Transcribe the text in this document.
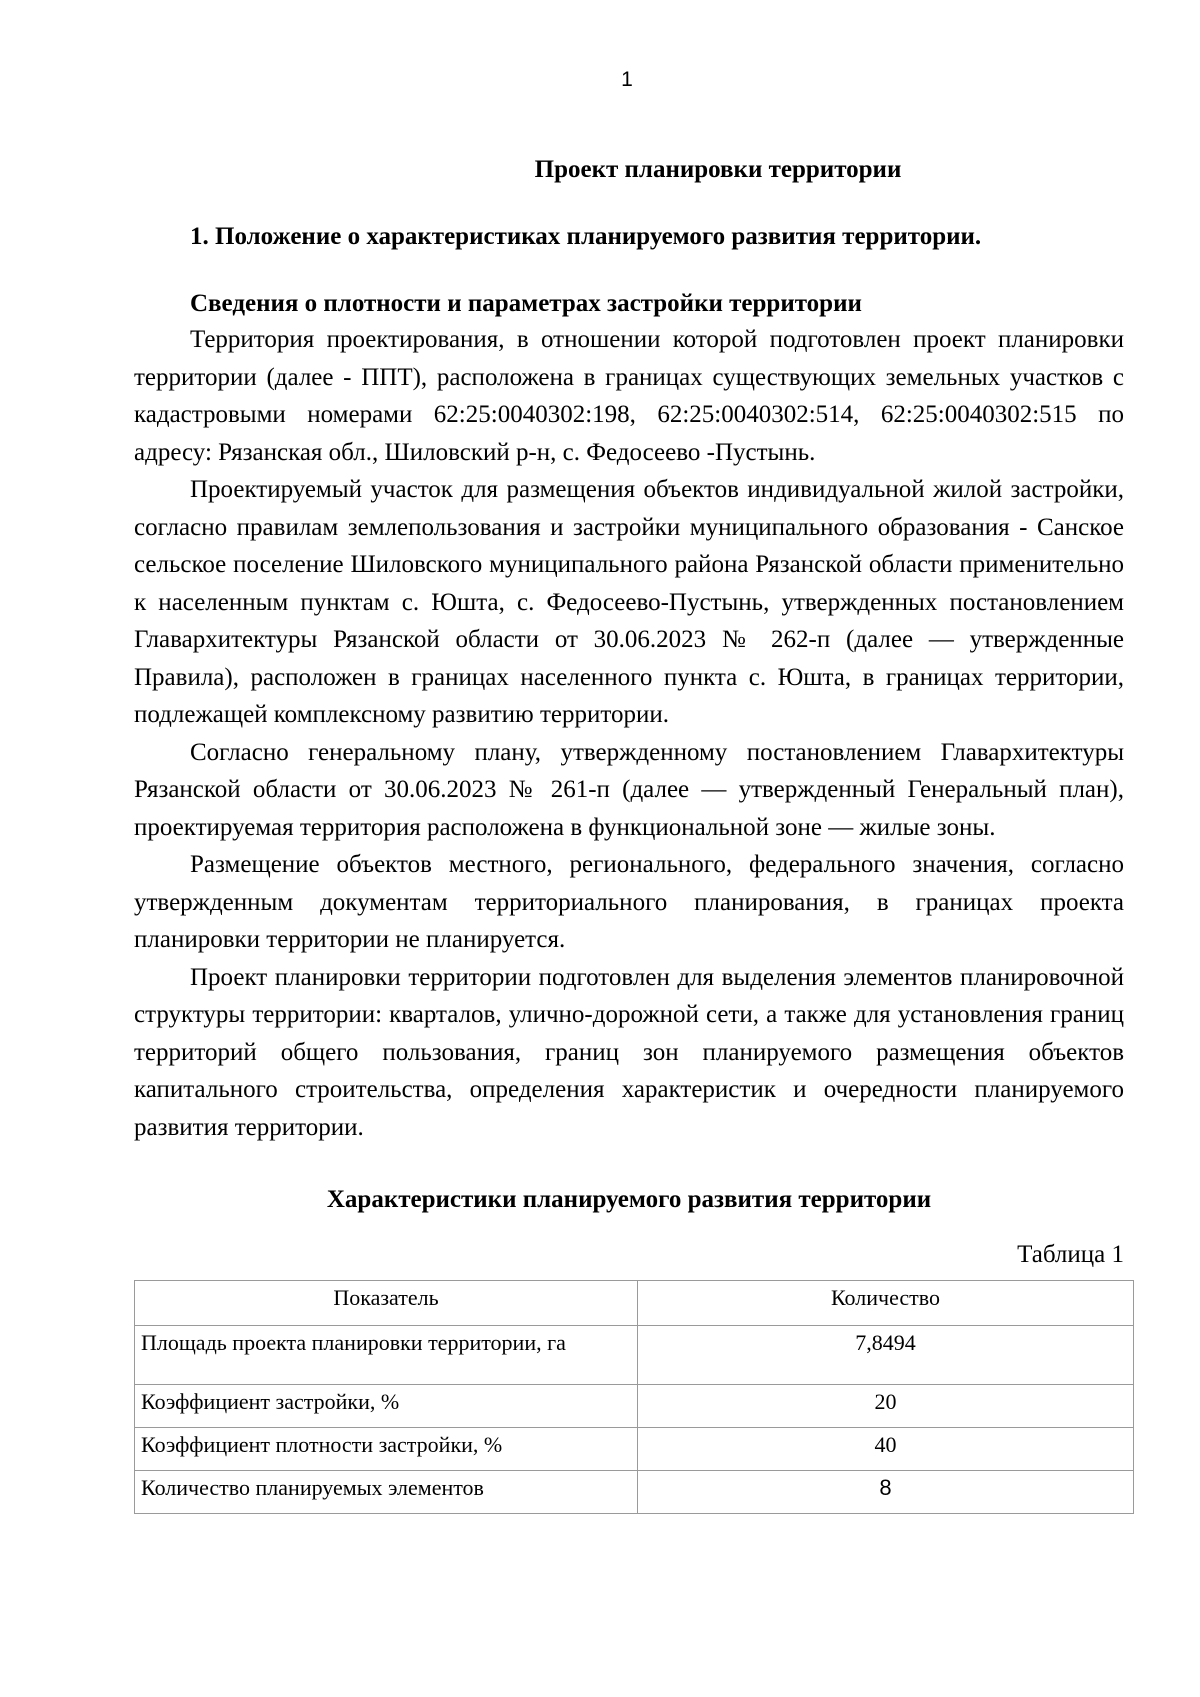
1
Проект планировки территории
1. Положение о характеристиках планируемого развития территории.
Сведения о плотности и параметрах застройки территории

Территория проектирования, в отношении которой подготовлен проект планировки территории (далее - ППТ), расположена в границах существующих земельных участков с кадастровыми номерами 62:25:0040302:198, 62:25:0040302:514, 62:25:0040302:515 по адресу: Рязанская обл., Шиловский р-н, с. Федосеево -Пустынь.

Проектируемый участок для размещения объектов индивидуальной жилой застройки, согласно правилам землепользования и застройки муниципального образования - Санское сельское поселение Шиловского муниципального района Рязанской области применительно к населенным пунктам с. Юшта, с. Федосеево-Пустынь, утвержденных постановлением Главархитектуры Рязанской области от 30.06.2023 № 262-п (далее — утвержденные Правила), расположен в границах населенного пункта с. Юшта, в границах территории, подлежащей комплексному развитию территории.

Согласно генеральному плану, утвержденному постановлением Главархитектуры Рязанской области от 30.06.2023 № 261-п (далее — утвержденный Генеральный план), проектируемая территория расположена в функциональной зоне — жилые зоны.

Размещение объектов местного, регионального, федерального значения, согласно утвержденным документам территориального планирования, в границах проекта планировки территории не планируется.

Проект планировки территории подготовлен для выделения элементов планировочной структуры территории: кварталов, улично-дорожной сети, а также для установления границ территорий общего пользования, границ зон планируемого размещения объектов капитального строительства, определения характеристик и очередности планируемого развития территории.

Характеристики планируемого развития территории
Таблица 1
Показатель	Количество
Площадь проекта планировки территории, га	7,8494
Коэффициент застройки, %	20
Коэффициент плотности застройки, %	40
Количество планируемых элементов	8
